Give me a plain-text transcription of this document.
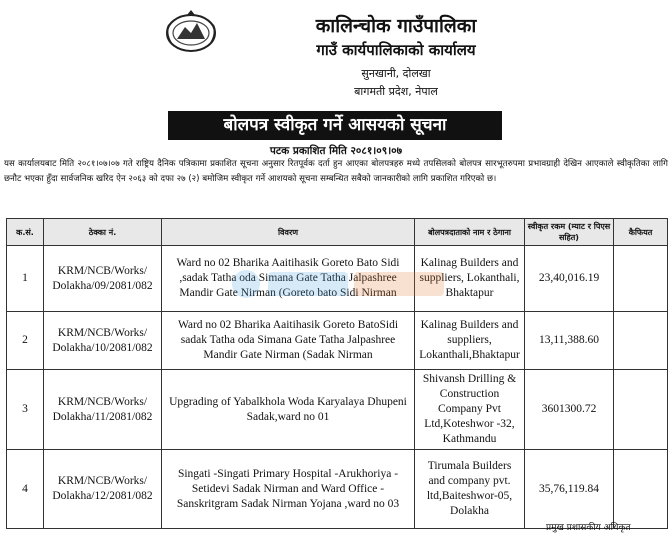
कालिन्चोक गाउँपालिका
गाउँ कार्यपालिकाको कार्यालय
सुनखानी, दोलखा
बागमती प्रदेश, नेपाल
बोलपत्र स्वीकृत गर्ने आसयको सूचना
पटक प्रकाशित मिति २०८१।०९।०७
यस कार्यालयबाट मिति २०८१।०७।०७ गते राष्ट्रिय दैनिक पत्रिकामा प्रकाशित सूचना अनुसार रितपूर्वक दर्ता हुन आएका बोलपत्रहरु मध्ये तपसिलको बोलपत्र सारभूतरुपमा प्रभावग्राही देखिन आएकाले स्वीकृतिका लागि छनौट भएका हुँदा सार्वजनिक खरिद ऐन २०६३ को दफा २७ (२) बमोजिम स्वीकृत गर्ने आशयको सूचना सम्बन्धित सबैको जानकारीको लागि प्रकाशित गरिएको छ।
क.सं.	ठेक्का नं.	विवरण	बोलपत्रदाताको नाम र ठेगाना	स्वीकृत रकम (म्याट र पिएस सहित)	कैफियत
1	KRM/NCB/Works/ Dolakha/09/2081/082	Ward no 02 Bharika Aaitihasik Goreto Bato Sidi ,sadak Tatha oda Simana Gate Tatha Jalpashree Mandir Gate Nirman (Goreto bato Sidi Nirman	Kalinag Builders and suppliers, Lokanthali, Bhaktapur	23,40,016.19	
2	KRM/NCB/Works/ Dolakha/10/2081/082	Ward no 02 Bharika Aaitihasik Goreto BatoSidi sadak Tatha oda Simana Gate Tatha Jalpashree Mandir Gate Nirman (Sadak Nirman	Kalinag Builders and suppliers, Lokanthali,Bhaktapur	13,11,388.60	
3	KRM/NCB/Works/ Dolakha/11/2081/082	Upgrading of Yabalkhola Woda Karyalaya Dhupeni Sadak,ward no 01	Shivansh Drilling & Construction Company Pvt Ltd,Koteshwor -32, Kathmandu	3601300.72	
4	KRM/NCB/Works/ Dolakha/12/2081/082	Singati -Singati Primary Hospital -Arukhoriya -Setidevi Sadak Nirman and Ward Office - Sanskritgram Sadak Nirman Yojana ,ward no 03	Tirumala Builders and company pvt. ltd,Baiteshwor-05, Dolakha	35,76,119.84	
प्रमुख प्रशासकीय अधिकृत
